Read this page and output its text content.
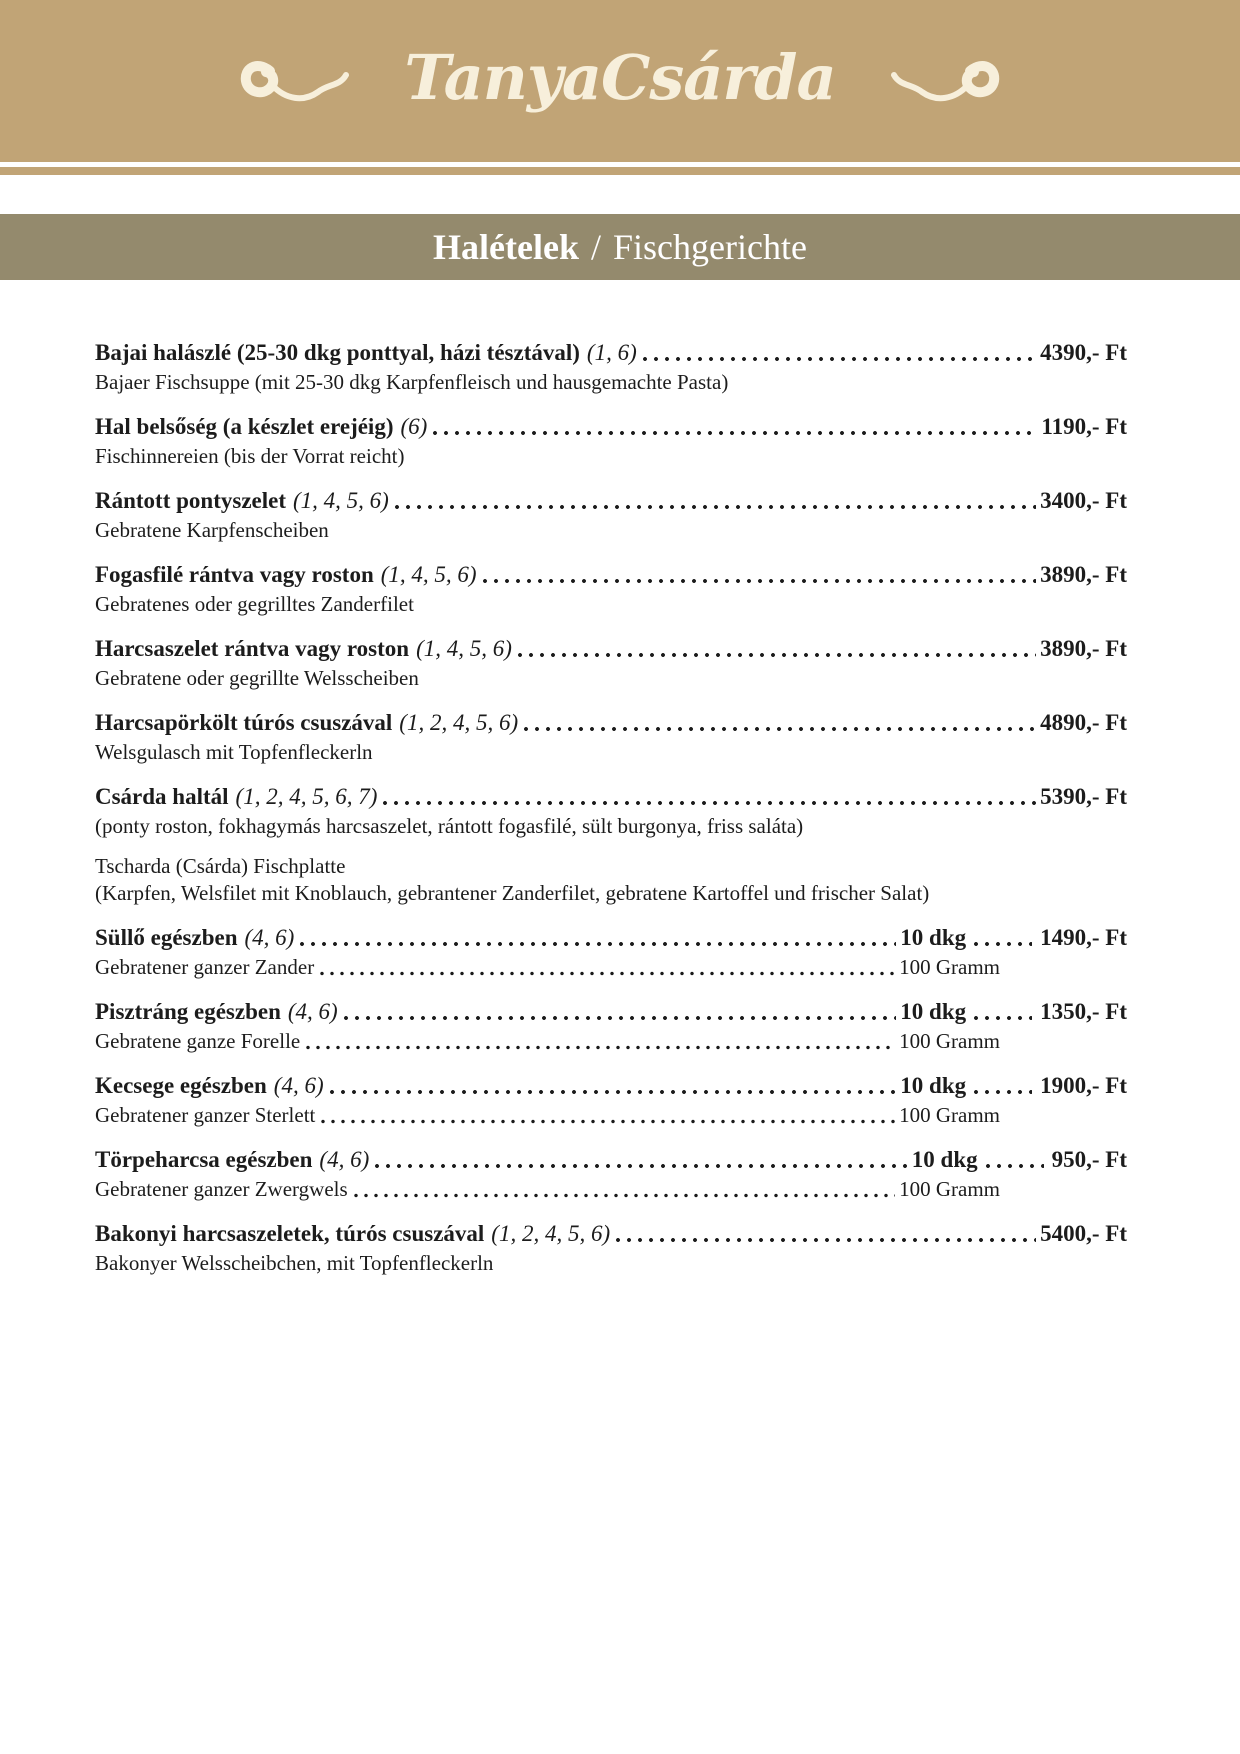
TanyaCsárda
Halételek / Fischgerichte
Bajai halászlé (25-30 dkg ponttyal, házi tésztával) (1, 6)	4390,- Ft
Bajaer Fischsuppe (mit 25-30 dkg Karpfenfleisch und hausgemachte Pasta)
Hal belsőség (a készlet erejéig) (6)	1190,- Ft
Fischinnereien (bis der Vorrat reicht)
Rántott pontyszelet (1, 4, 5, 6)	3400,- Ft
Gebratene Karpfenscheiben
Fogasfilé rántva vagy roston (1, 4, 5, 6)	3890,- Ft
Gebratenes oder gegrilltes Zanderfilet
Harcsaszelet rántva vagy roston (1, 4, 5, 6)	3890,- Ft
Gebratene oder gegrillte Welsscheiben
Harcsapörkölt túrós csuszával (1, 2, 4, 5, 6)	4890,- Ft
Welsgulasch mit Topfenfleckerln
Csárda haltál (1, 2, 4, 5, 6, 7)	5390,- Ft
(ponty roston, fokhagymás harcsaszelet, rántott fogasfilé, sült burgonya, friss saláta)
Tscharda (Csárda) Fischplatte
(Karpfen, Welsfilet mit Knoblauch, gebrantener Zanderfilet, gebratene Kartoffel und frischer Salat)
Süllő egészben (4, 6)	10 dkg	1490,- Ft
Gebratener ganzer Zander	100 Gramm
Pisztráng egészben (4, 6)	10 dkg	1350,- Ft
Gebratene ganze Forelle	100 Gramm
Kecsege egészben (4, 6)	10 dkg	1900,- Ft
Gebratener ganzer Sterlett	100 Gramm
Törpeharcsa egészben (4, 6)	10 dkg	950,- Ft
Gebratener ganzer Zwergwels	100 Gramm
Bakonyi harcsaszeletek, túrós csuszával (1, 2, 4, 5, 6)	5400,- Ft
Bakonyer Welsscheibchen, mit Topfenfleckerln
